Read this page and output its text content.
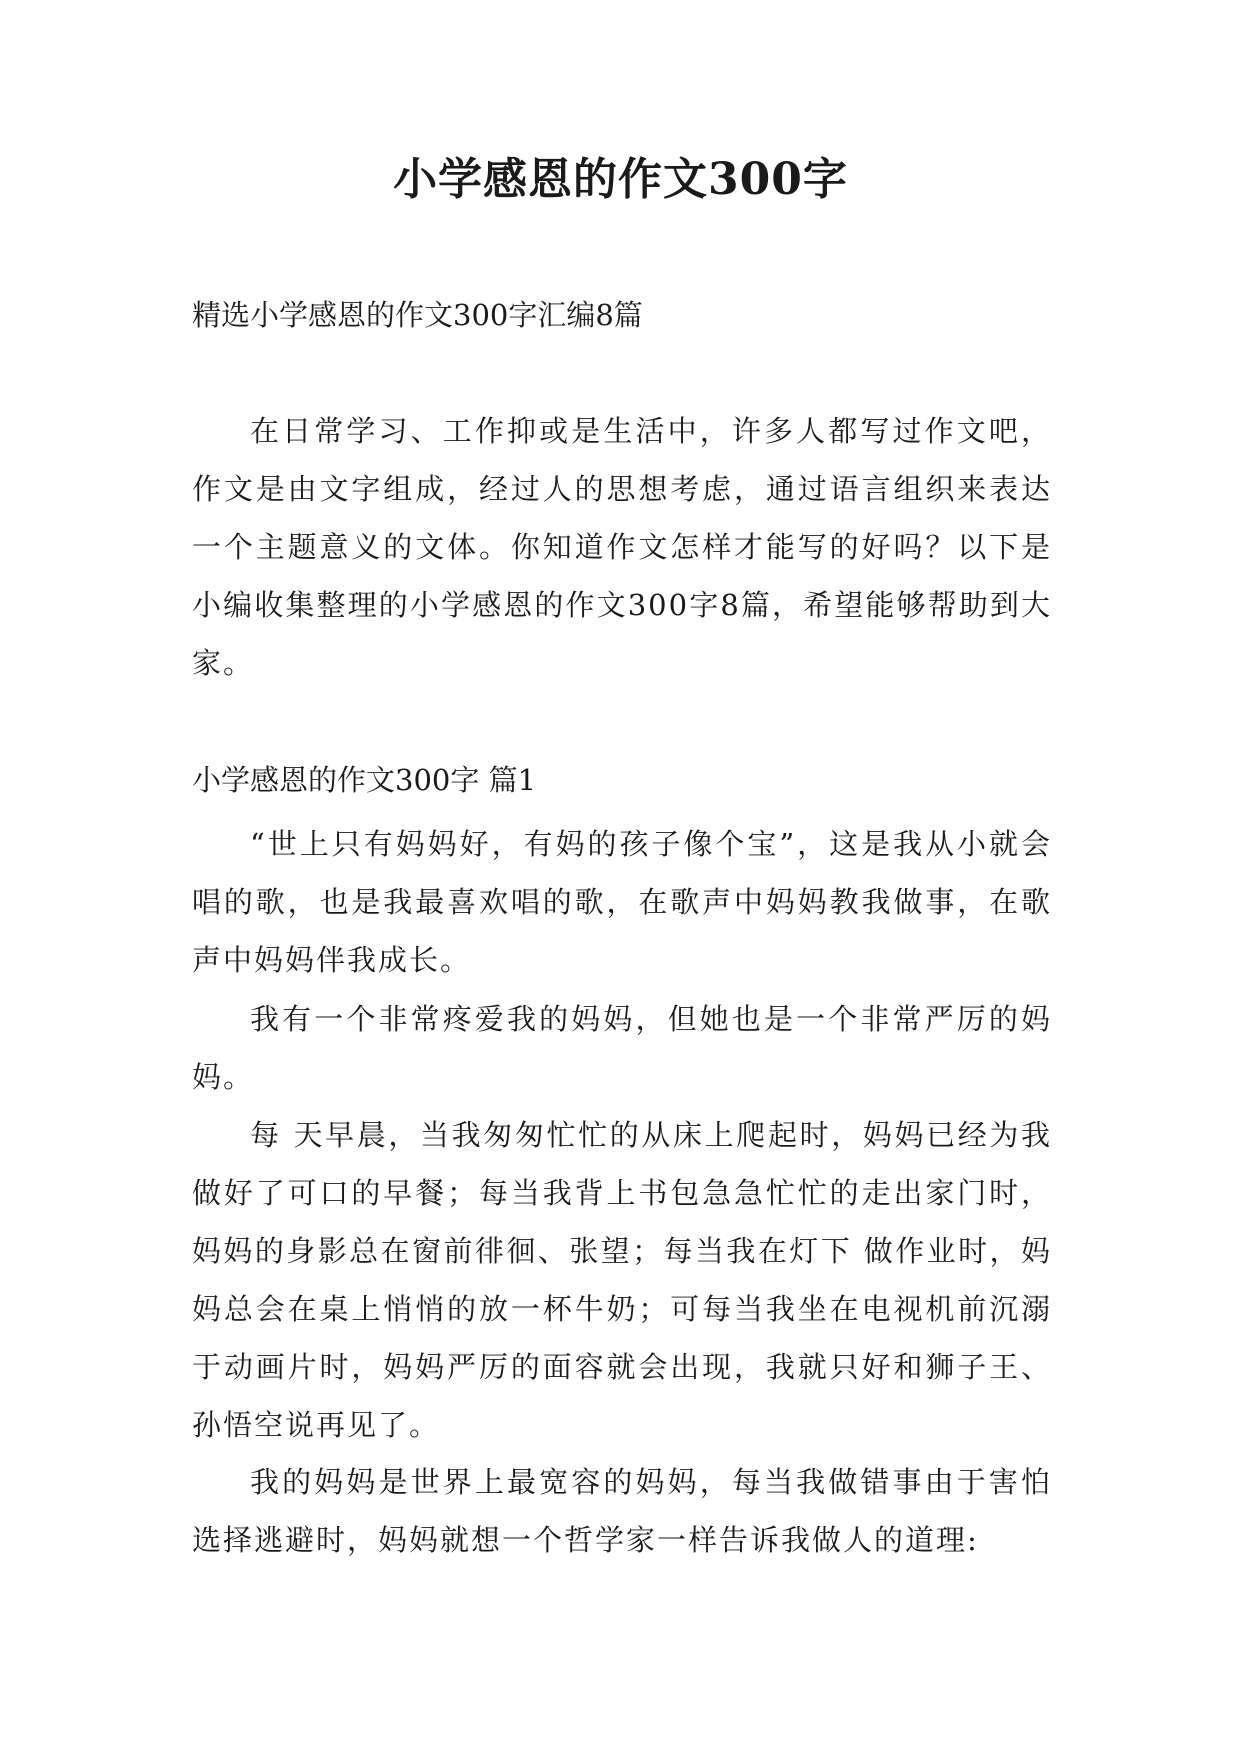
小学感恩的作文300字

精选小学感恩的作文300字汇编8篇

在日常学习、工作抑或是生活中，许多人都写过作文吧，作文是由文字组成，经过人的思想考虑，通过语言组织来表达一个主题意义的文体。你知道作文怎样才能写的好吗？以下是小编收集整理的小学感恩的作文300字8篇，希望能够帮助到大家。

小学感恩的作文300字 篇1

“世上只有妈妈好，有妈的孩子像个宝”，这是我从小就会唱的歌，也是我最喜欢唱的歌，在歌声中妈妈教我做事，在歌声中妈妈伴我成长。

我有一个非常疼爱我的妈妈，但她也是一个非常严厉的妈妈。

每 天早晨，当我匆匆忙忙的从床上爬起时，妈妈已经为我做好了可口的早餐；每当我背上书包急急忙忙的走出家门时，妈妈的身影总在窗前徘徊、张望；每当我在灯下 做作业时，妈妈总会在桌上悄悄的放一杯牛奶；可每当我坐在电视机前沉溺于动画片时，妈妈严厉的面容就会出现，我就只好和狮子王、孙悟空说再见了。

我的妈妈是世界上最宽容的妈妈，每当我做错事由于害怕选择逃避时，妈妈就想一个哲学家一样告诉我做人的道理:
